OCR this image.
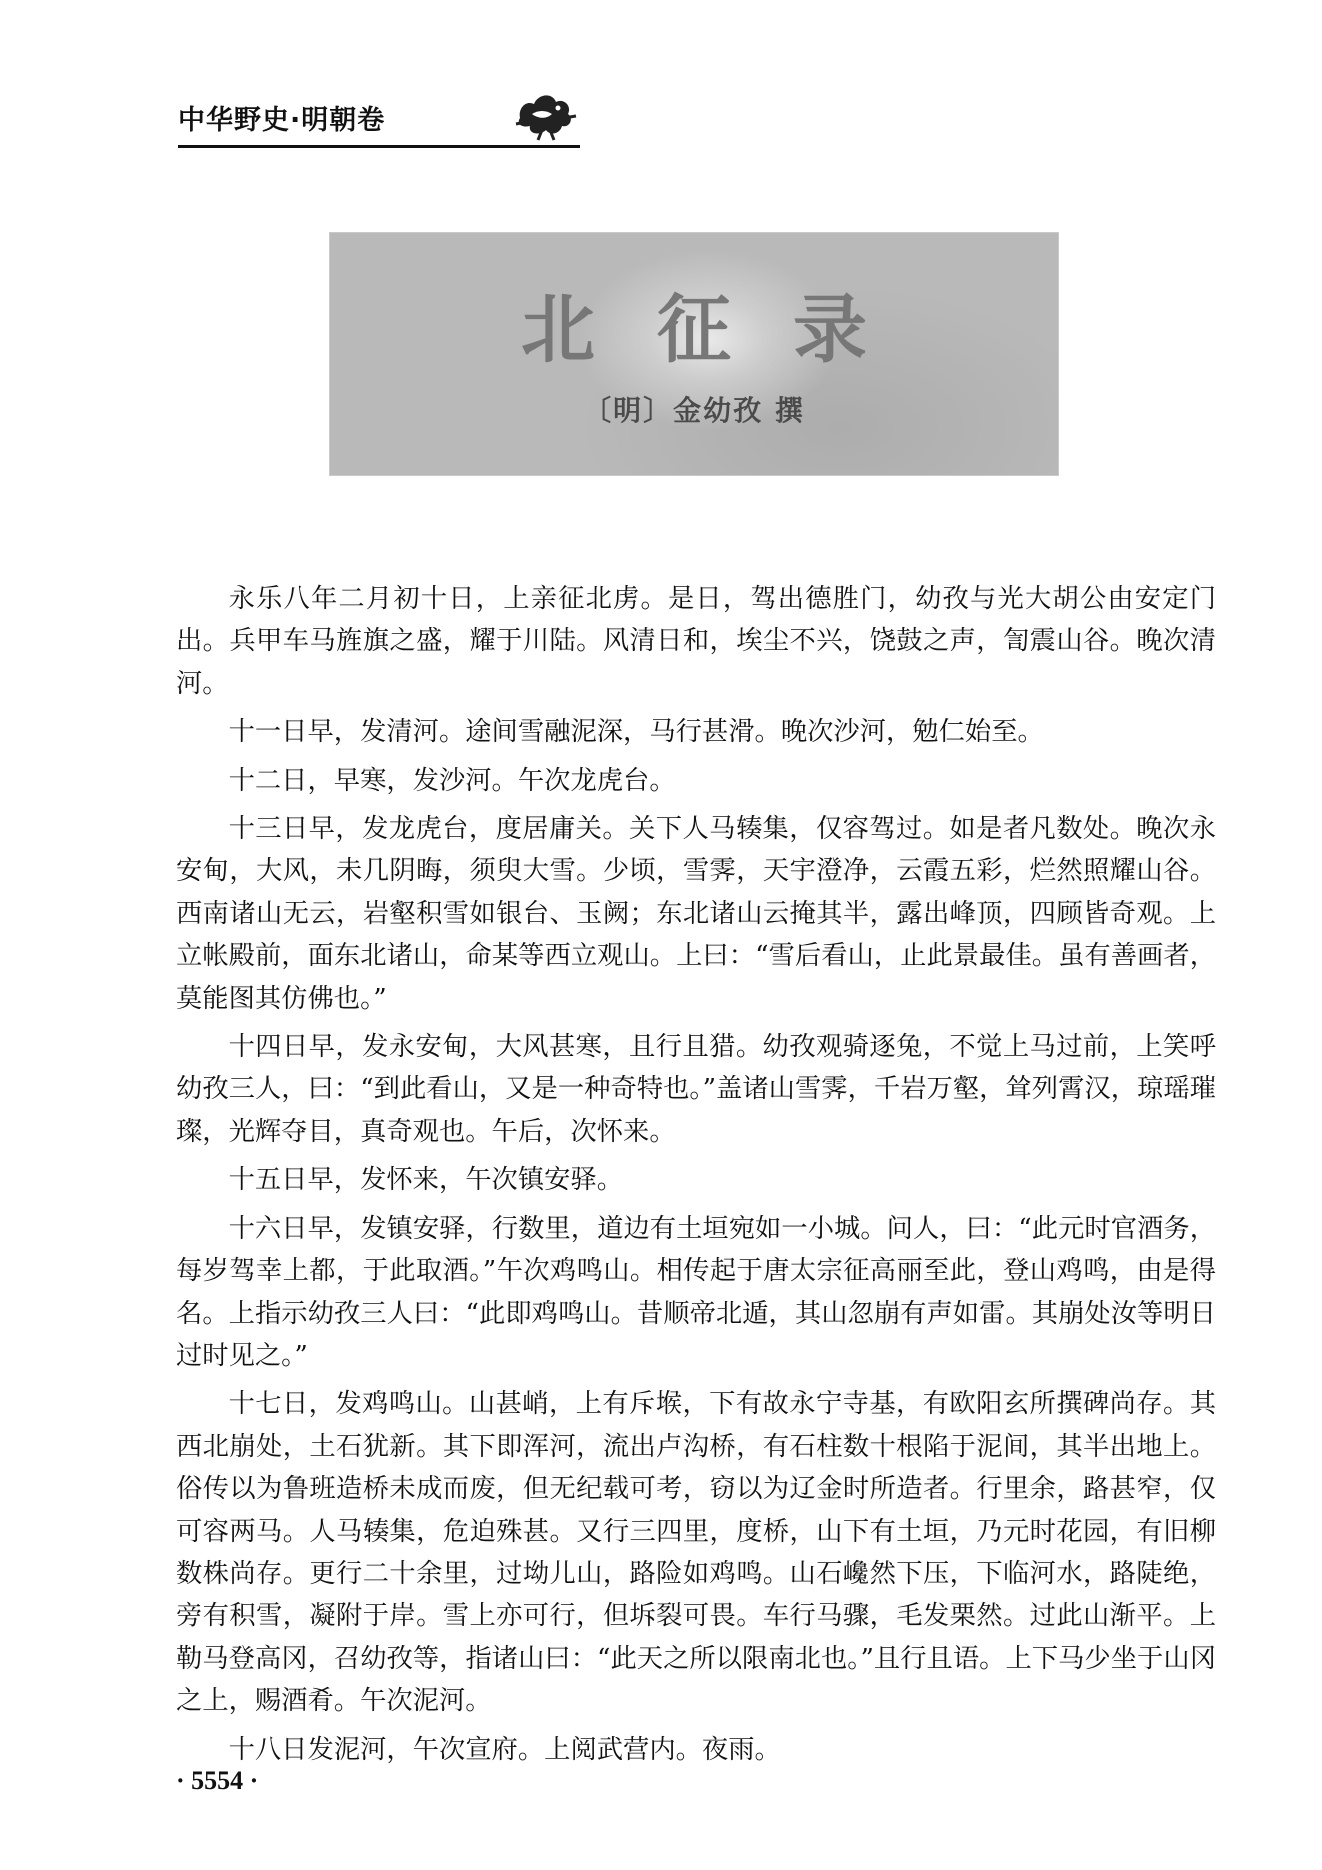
中华野史·明朝卷
北征录
〔明〕金幼孜 撰

永乐八年二月初十日，上亲征北虏。是日，驾出德胜门，幼孜与光大胡公由安定门出。兵甲车马旌旗之盛，耀于川陆。风清日和，埃尘不兴，饶鼓之声，訇震山谷。晚次清河。

十一日早，发清河。途间雪融泥深，马行甚滑。晚次沙河，勉仁始至。

十二日，早寒，发沙河。午次龙虎台。

十三日早，发龙虎台，度居庸关。关下人马辏集，仅容驾过。如是者凡数处。晚次永安甸，大风，未几阴晦，须臾大雪。少顷，雪霁，天宇澄净，云霞五彩，烂然照耀山谷。西南诸山无云，岩壑积雪如银台、玉阙；东北诸山云掩其半，露出峰顶，四顾皆奇观。上立帐殿前，面东北诸山，命某等西立观山。上曰：“雪后看山，止此景最佳。虽有善画者，莫能图其仿佛也。”

十四日早，发永安甸，大风甚寒，且行且猎。幼孜观骑逐兔，不觉上马过前，上笑呼幼孜三人，曰：“到此看山，又是一种奇特也。”盖诸山雪霁，千岩万壑，耸列霄汉，琼瑶璀璨，光辉夺目，真奇观也。午后，次怀来。

十五日早，发怀来，午次镇安驿。

十六日早，发镇安驿，行数里，道边有土垣宛如一小城。问人，曰：“此元时官酒务，每岁驾幸上都，于此取酒。”午次鸡鸣山。相传起于唐太宗征高丽至此，登山鸡鸣，由是得名。上指示幼孜三人曰：“此即鸡鸣山。昔顺帝北遁，其山忽崩有声如雷。其崩处汝等明日过时见之。”

十七日，发鸡鸣山。山甚峭，上有斥堠，下有故永宁寺基，有欧阳玄所撰碑尚存。其西北崩处，土石犹新。其下即浑河，流出卢沟桥，有石柱数十根陷于泥间，其半出地上。俗传以为鲁班造桥未成而废，但无纪载可考，窃以为辽金时所造者。行里余，路甚窄，仅可容两马。人马辏集，危迫殊甚。又行三四里，度桥，山下有土垣，乃元时花园，有旧柳数株尚存。更行二十余里，过坳儿山，路险如鸡鸣。山石巉然下压，下临河水，路陡绝，旁有积雪，凝附于岸。雪上亦可行，但坼裂可畏。车行马骤，毛发栗然。过此山渐平。上勒马登高冈，召幼孜等，指诸山曰：“此天之所以限南北也。”且行且语。上下马少坐于山冈之上，赐酒肴。午次泥河。

十八日发泥河，午次宣府。上阅武营内。夜雨。

· 5554 ·
